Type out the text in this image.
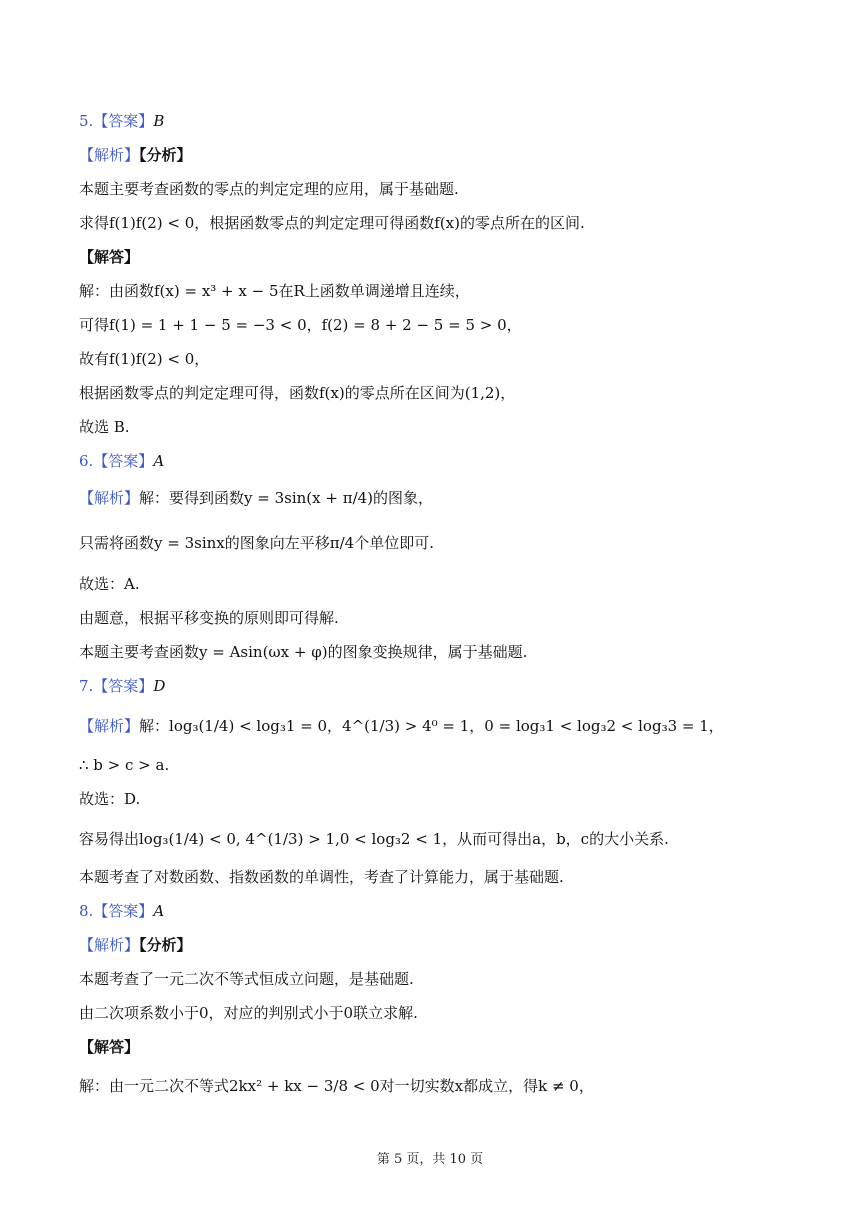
5.【答案】B
【解析】【分析】
本题主要考查函数的零点的判定定理的应用，属于基础题.
求得f(1)f(2) < 0，根据函数零点的判定定理可得函数f(x)的零点所在的区间.
【解答】
解：由函数f(x) = x³ + x − 5在R上函数单调递增且连续，
可得f(1) = 1 + 1 − 5 = −3 < 0，f(2) = 8 + 2 − 5 = 5 > 0，
故有f(1)f(2) < 0，
根据函数零点的判定定理可得，函数f(x)的零点所在区间为(1,2)，
故选 B.
6.【答案】A
【解析】解：要得到函数y = 3sin(x + π/4)的图象，
只需将函数y = 3sinx的图象向左平移π/4个单位即可.
故选：A.
由题意，根据平移变换的原则即可得解.
本题主要考查函数y = Asin(ωx + φ)的图象变换规律，属于基础题.
7.【答案】D
【解析】解：log₃(1/4) < log₃1 = 0，4^(1/3) > 4⁰ = 1，0 = log₃1 < log₃2 < log₃3 = 1，
∴ b > c > a.
故选：D.
容易得出log₃(1/4) < 0, 4^(1/3) > 1,0 < log₃2 < 1，从而可得出a，b，c的大小关系.
本题考查了对数函数、指数函数的单调性，考查了计算能力，属于基础题.
8.【答案】A
【解析】【分析】
本题考查了一元二次不等式恒成立问题，是基础题.
由二次项系数小于0，对应的判别式小于0联立求解.
【解答】
解：由一元二次不等式2kx² + kx − 3/8 < 0对一切实数x都成立，得k ≠ 0，
第 5 页，共 10 页
